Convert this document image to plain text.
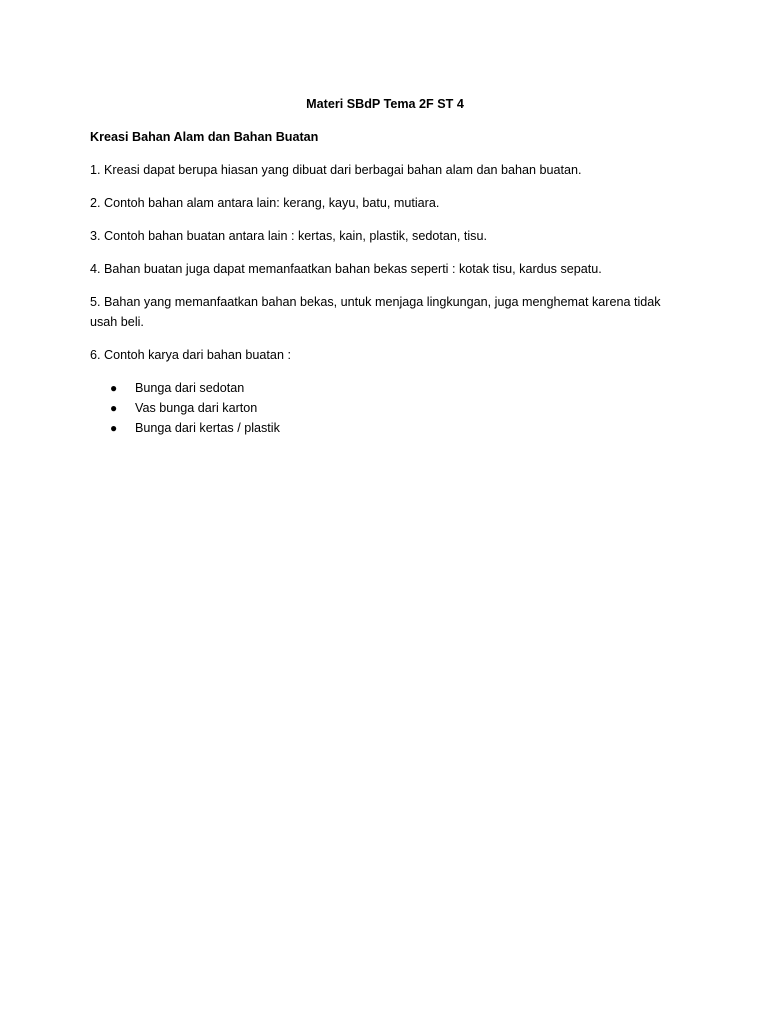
Materi SBdP Tema 2F ST 4
Kreasi Bahan Alam dan Bahan Buatan

1. Kreasi dapat berupa hiasan yang dibuat dari berbagai bahan alam dan bahan buatan.

2. Contoh bahan alam antara lain: kerang, kayu, batu, mutiara.

3. Contoh bahan buatan antara lain : kertas, kain, plastik, sedotan, tisu.

4. Bahan buatan juga dapat memanfaatkan bahan bekas seperti : kotak tisu, kardus sepatu.

5. Bahan yang memanfaatkan bahan bekas, untuk menjaga lingkungan, juga menghemat karena tidak usah beli.

6. Contoh karya dari bahan buatan :

●	Bunga dari sedotan
●	Vas bunga dari karton
●	Bunga dari kertas / plastik
